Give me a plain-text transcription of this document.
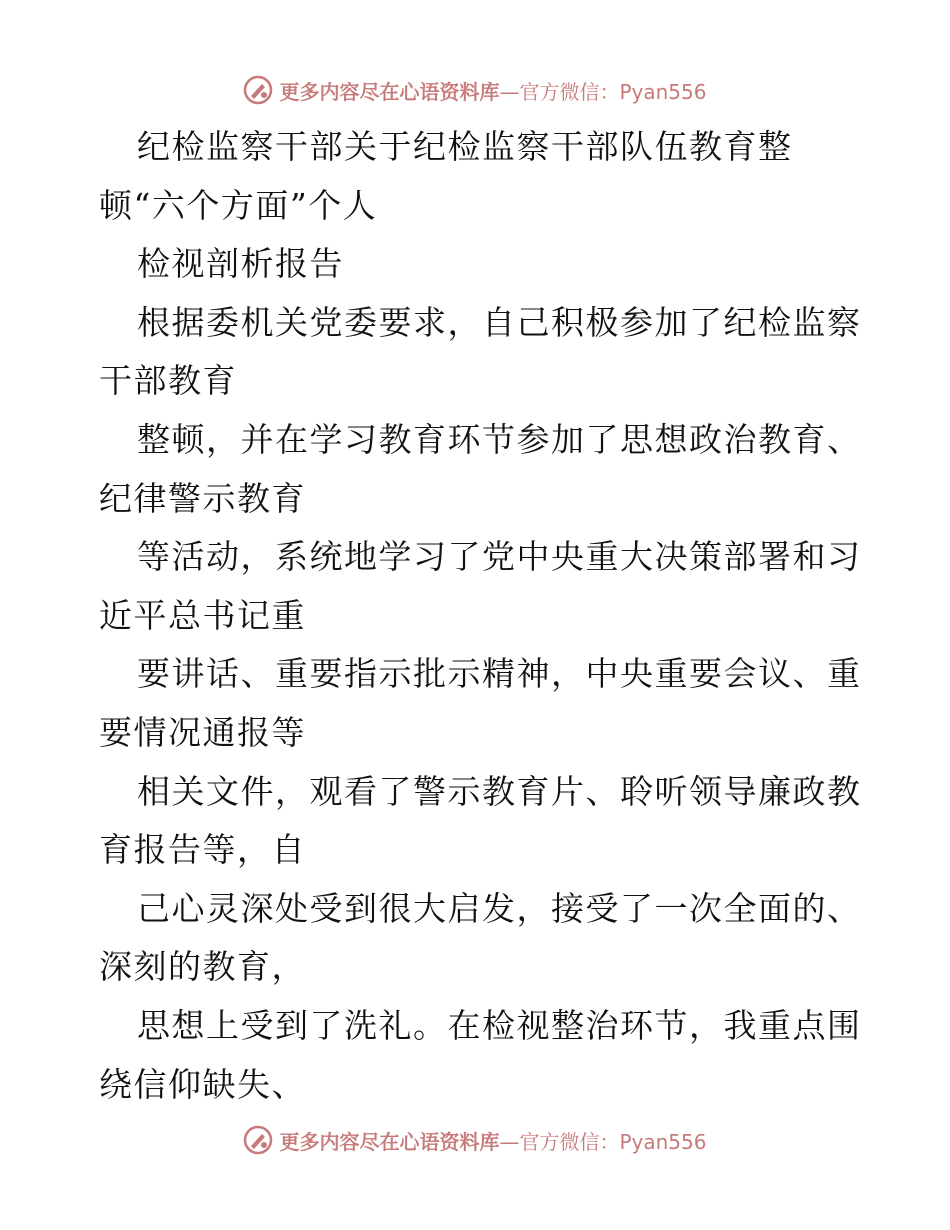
更多内容尽在心语资料库—官方微信：Pyan556
纪检监察干部关于纪检监察干部队伍教育整
顿“六个方面”个人
检视剖析报告
根据委机关党委要求，自己积极参加了纪检监察
干部教育
整顿，并在学习教育环节参加了思想政治教育、
纪律警示教育
等活动，系统地学习了党中央重大决策部署和习
近平总书记重
要讲话、重要指示批示精神，中央重要会议、重
要情况通报等
相关文件，观看了警示教育片、聆听领导廉政教
育报告等，自
己心灵深处受到很大启发，接受了一次全面的、
深刻的教育，
思想上受到了洗礼。在检视整治环节，我重点围
绕信仰缺失、
更多内容尽在心语资料库—官方微信：Pyan556
